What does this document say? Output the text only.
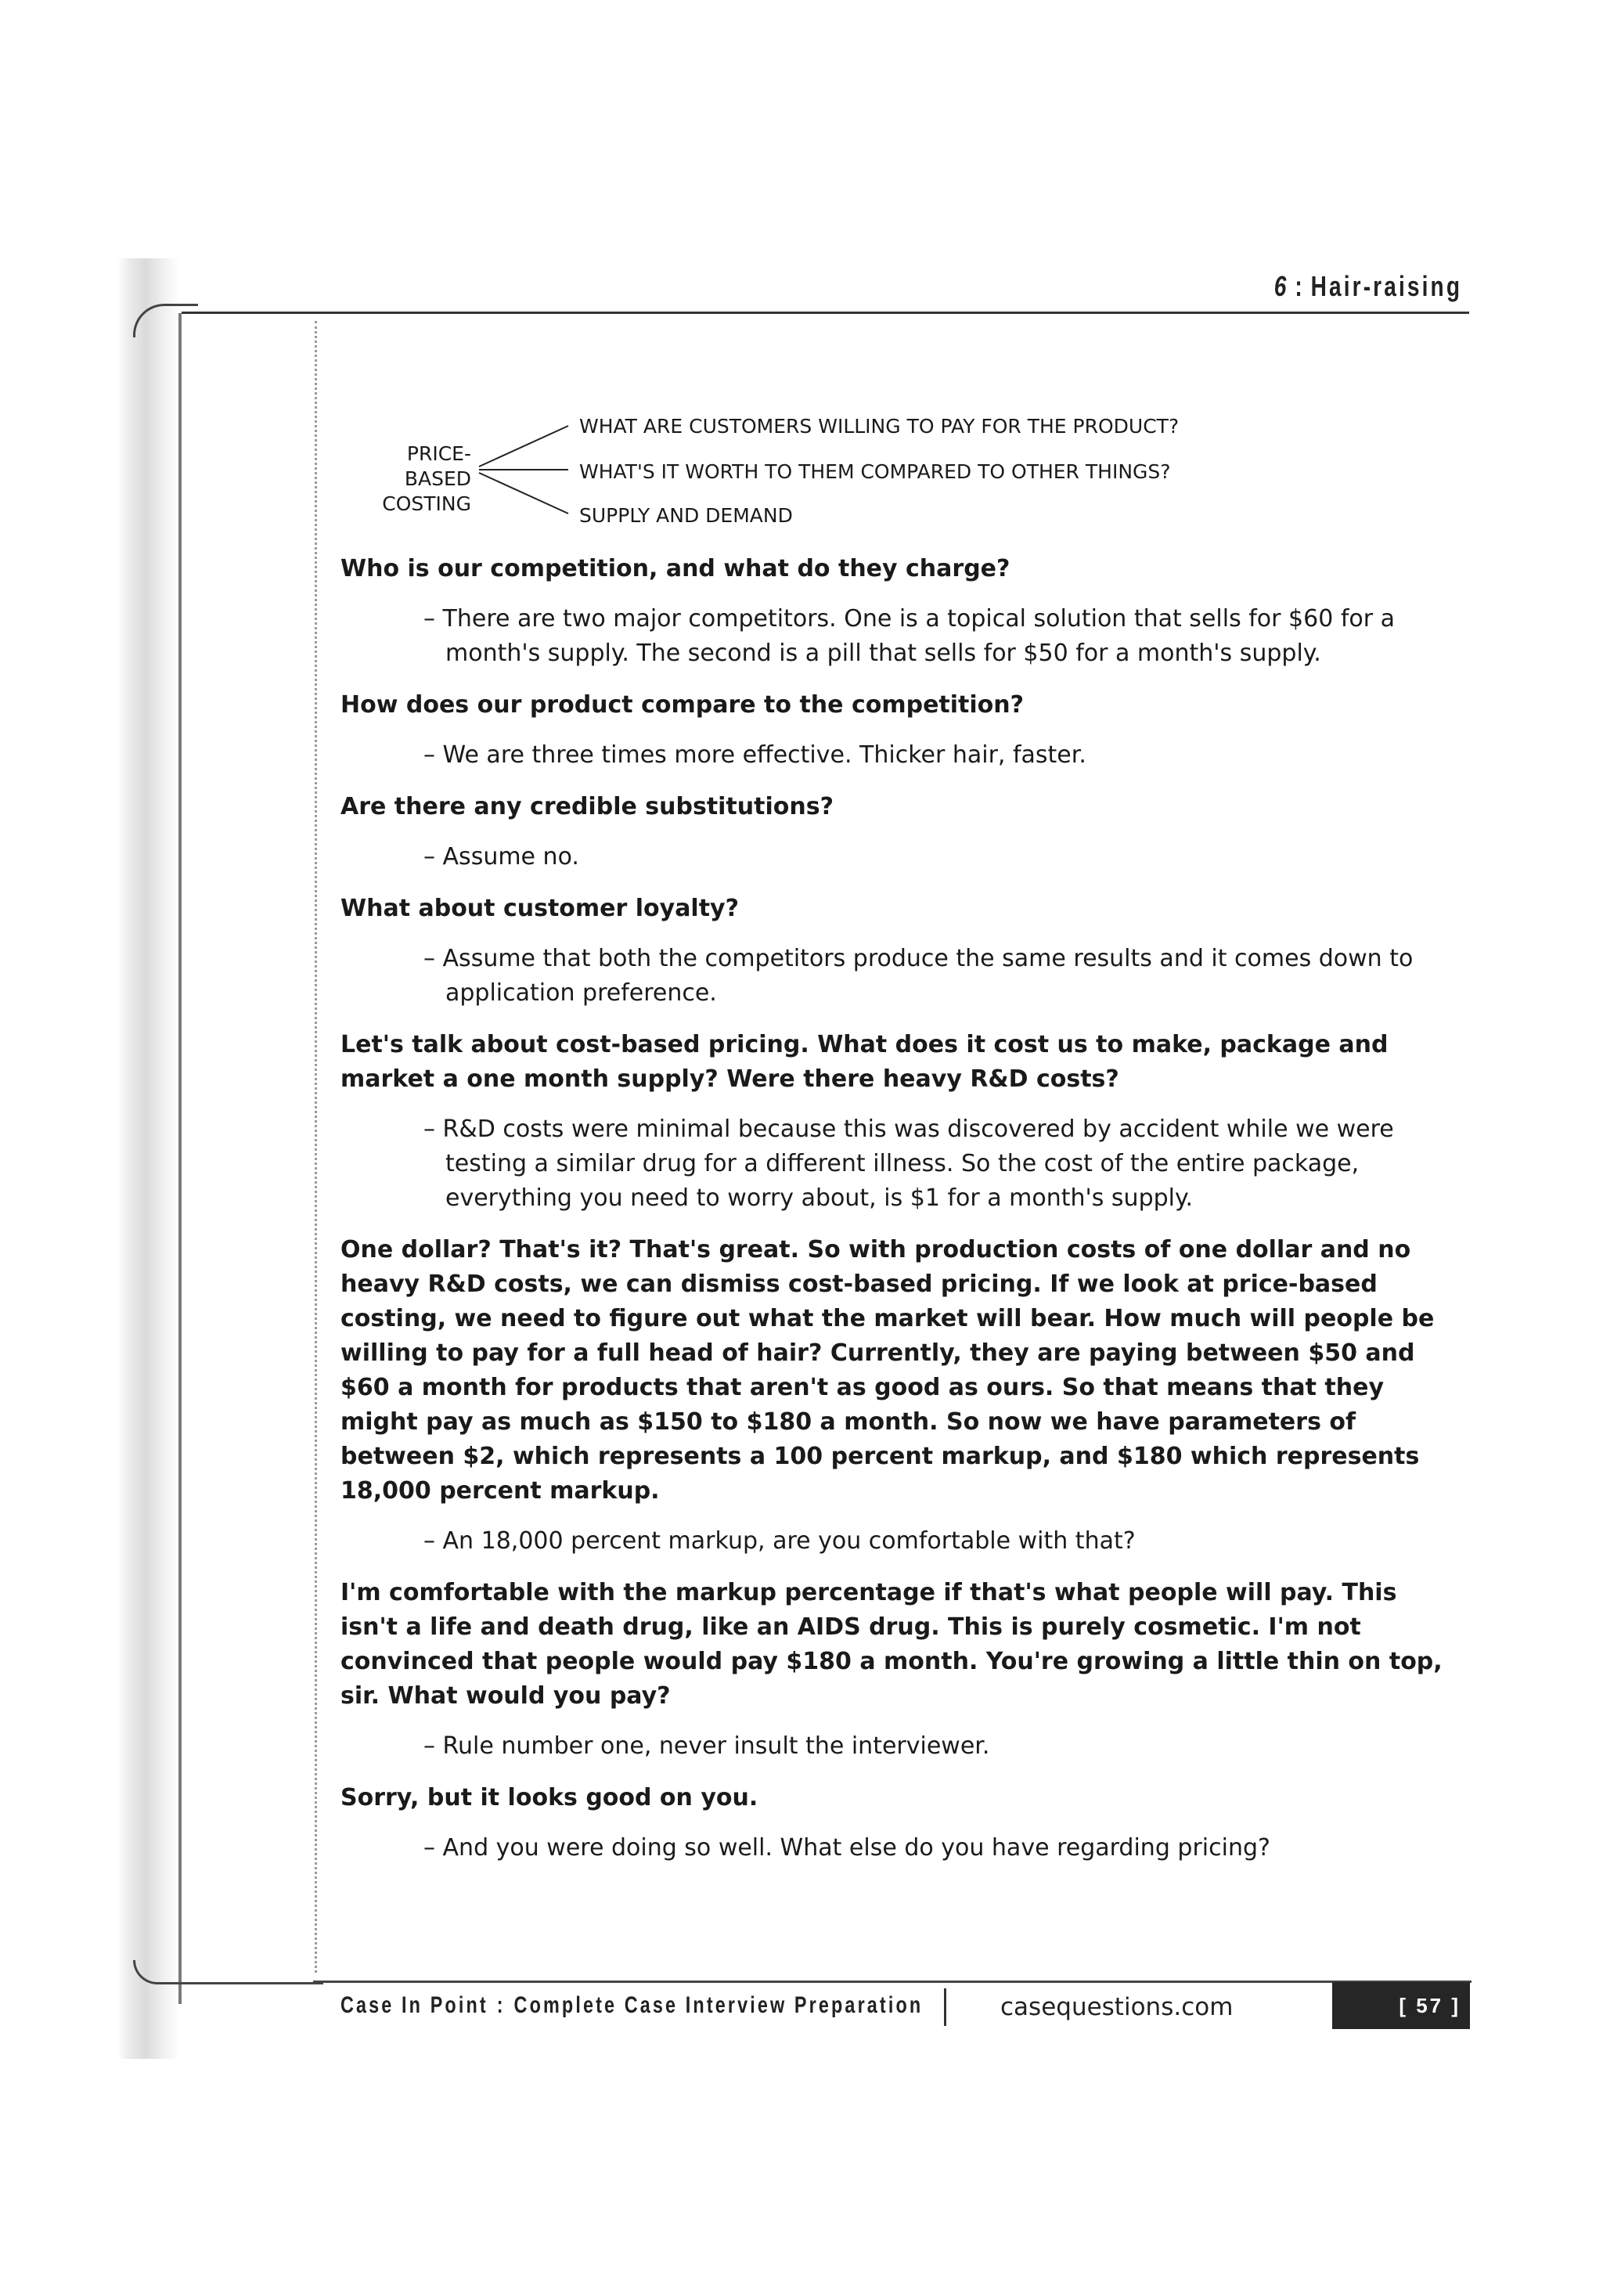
6 : Hair-raising
PRICE-BASED
COSTING
WHAT ARE CUSTOMERS WILLING TO PAY FOR THE PRODUCT?
WHAT'S IT WORTH TO THEM COMPARED TO OTHER THINGS?
SUPPLY AND DEMAND

Who is our competition, and what do they charge?

– There are two major competitors. One is a topical solution that sells for $60 for a month's supply. The second is a pill that sells for $50 for a month's supply.

How does our product compare to the competition?

– We are three times more effective. Thicker hair, faster.

Are there any credible substitutions?

– Assume no.

What about customer loyalty?

– Assume that both the competitors produce the same results and it comes down to application preference.

Let's talk about cost-based pricing. What does it cost us to make, package and market a one month supply? Were there heavy R&D costs?

– R&D costs were minimal because this was discovered by accident while we were testing a similar drug for a different illness. So the cost of the entire package, everything you need to worry about, is $1 for a month's supply.

One dollar? That's it? That's great. So with production costs of one dollar and no heavy R&D costs, we can dismiss cost-based pricing. If we look at price-based costing, we need to figure out what the market will bear. How much will people be willing to pay for a full head of hair? Currently, they are paying between $50 and $60 a month for products that aren't as good as ours. So that means that they might pay as much as $150 to $180 a month. So now we have parameters of between $2, which represents a 100 percent markup, and $180 which represents 18,000 percent markup.

– An 18,000 percent markup, are you comfortable with that?

I'm comfortable with the markup percentage if that's what people will pay. This isn't a life and death drug, like an AIDS drug. This is purely cosmetic. I'm not convinced that people would pay $180 a month. You're growing a little thin on top, sir. What would you pay?

– Rule number one, never insult the interviewer.

Sorry, but it looks good on you.

– And you were doing so well. What else do you have regarding pricing?

Case In Point : Complete Case Interview Preparation	casequestions.com	[ 57 ]
